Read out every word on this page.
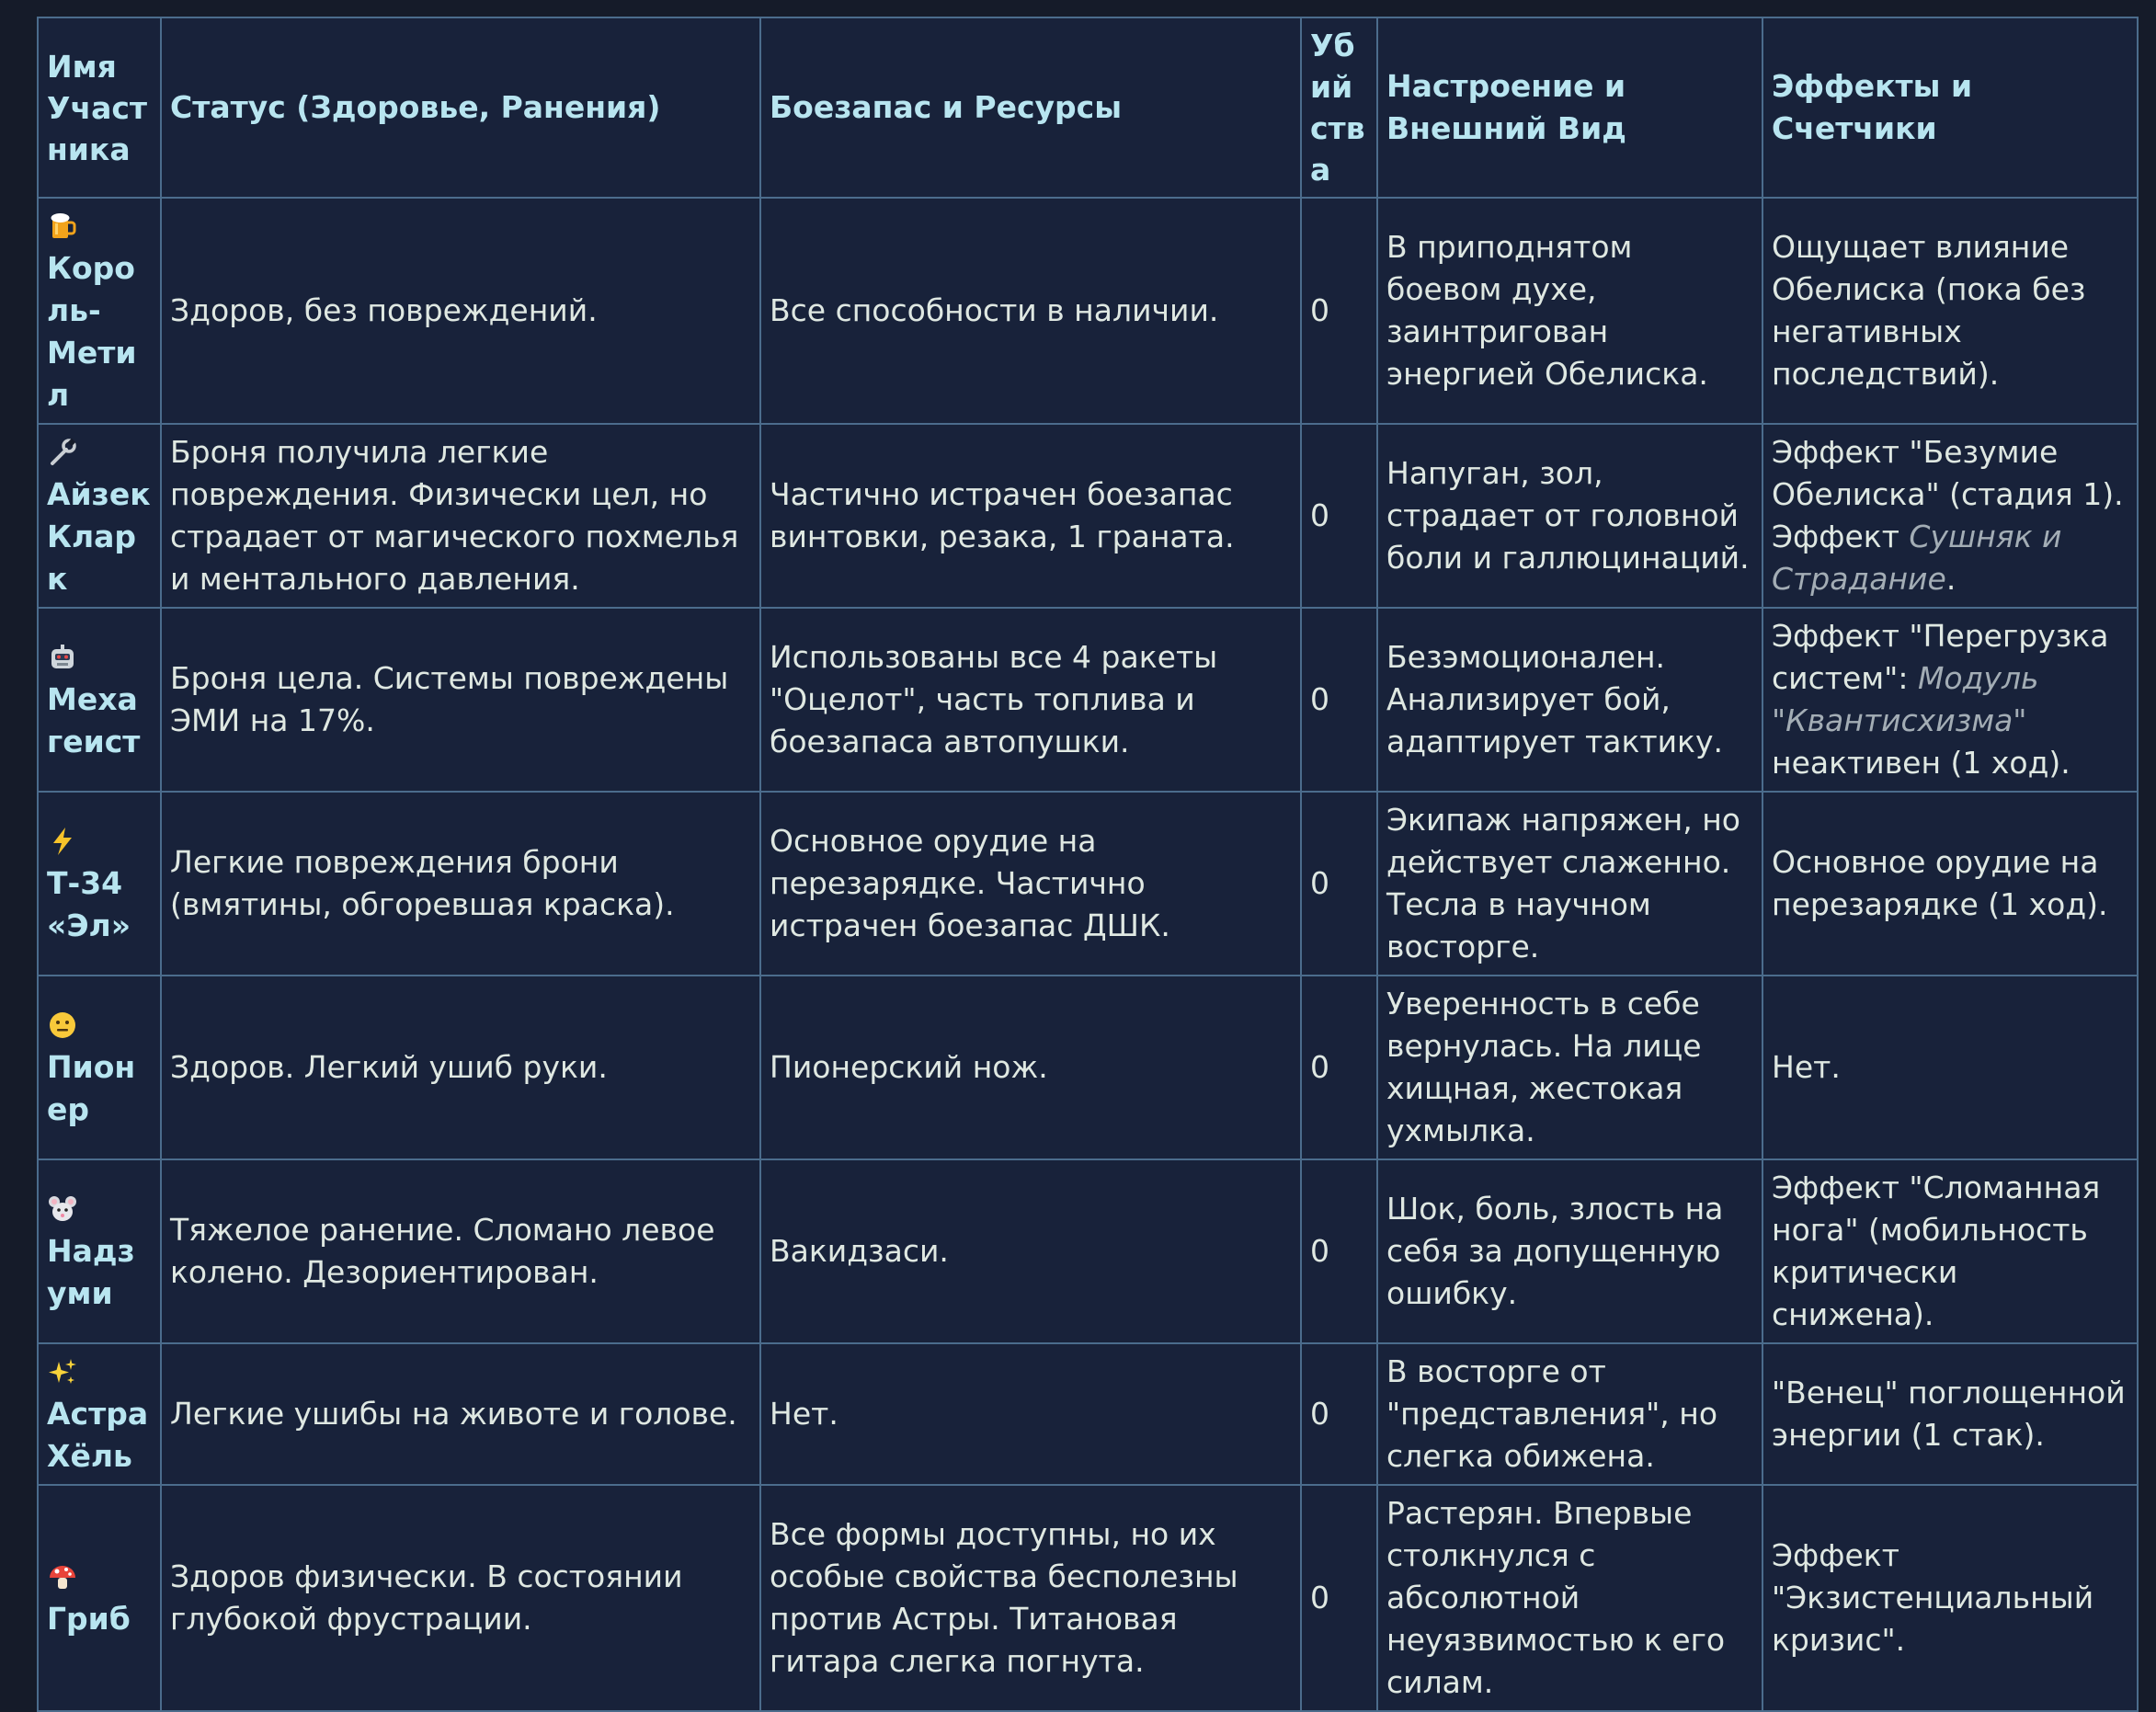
Имя Участника	Статус (Здоровье, Ранения)	Боезапас и Ресурсы	Убийства	Настроение и Внешний Вид	Эффекты и Счетчики

Король-Метил	Здоров, без повреждений.	Все способности в наличии.	0	В приподнятом боевом духе, заинтригован энергией Обелиска.	Ощущает влияние Обелиска (пока без негативных последствий).

Айзек Кларк	Броня получила легкие повреждения. Физически цел, но страдает от магического похмелья и ментального давления.	Частично истрачен боезапас винтовки, резака, 1 граната.	0	Напуган, зол, страдает от головной боли и галлюцинаций.	Эффект "Безумие Обелиска" (стадия 1). Эффект Сушняк и Страдание.

Мехагеист	Броня цела. Системы повреждены ЭМИ на 17%.	Использованы все 4 ракеты "Оцелот", часть топлива и боезапаса автопушки.	0	Безэмоционален. Анализирует бой, адаптирует тактику.	Эффект "Перегрузка систем": Модуль "Квантисхизма" неактивен (1 ход).

Т-34 «Эл»	Легкие повреждения брони (вмятины, обгоревшая краска).	Основное орудие на перезарядке. Частично истрачен боезапас ДШК.	0	Экипаж напряжен, но действует слаженно. Тесла в научном восторге.	Основное орудие на перезарядке (1 ход).

Пионер	Здоров. Легкий ушиб руки.	Пионерский нож.	0	Уверенность в себе вернулась. На лице хищная, жестокая ухмылка.	Нет.

Надзуми	Тяжелое ранение. Сломано левое колено. Дезориентирован.	Вакидзаси.	0	Шок, боль, злость на себя за допущенную ошибку.	Эффект "Сломанная нога" (мобильность критически снижена).

Астра Хёль	Легкие ушибы на животе и голове.	Нет.	0	В восторге от "представления", но слегка обижена.	"Венец" поглощенной энергии (1 стак).

Гриб	Здоров физически. В состоянии глубокой фрустрации.	Все формы доступны, но их особые свойства бесполезны против Астры. Титановая гитара слегка погнута.	0	Растерян. Впервые столкнулся с абсолютной неуязвимостью к его силам.	Эффект "Экзистенциальный кризис".
